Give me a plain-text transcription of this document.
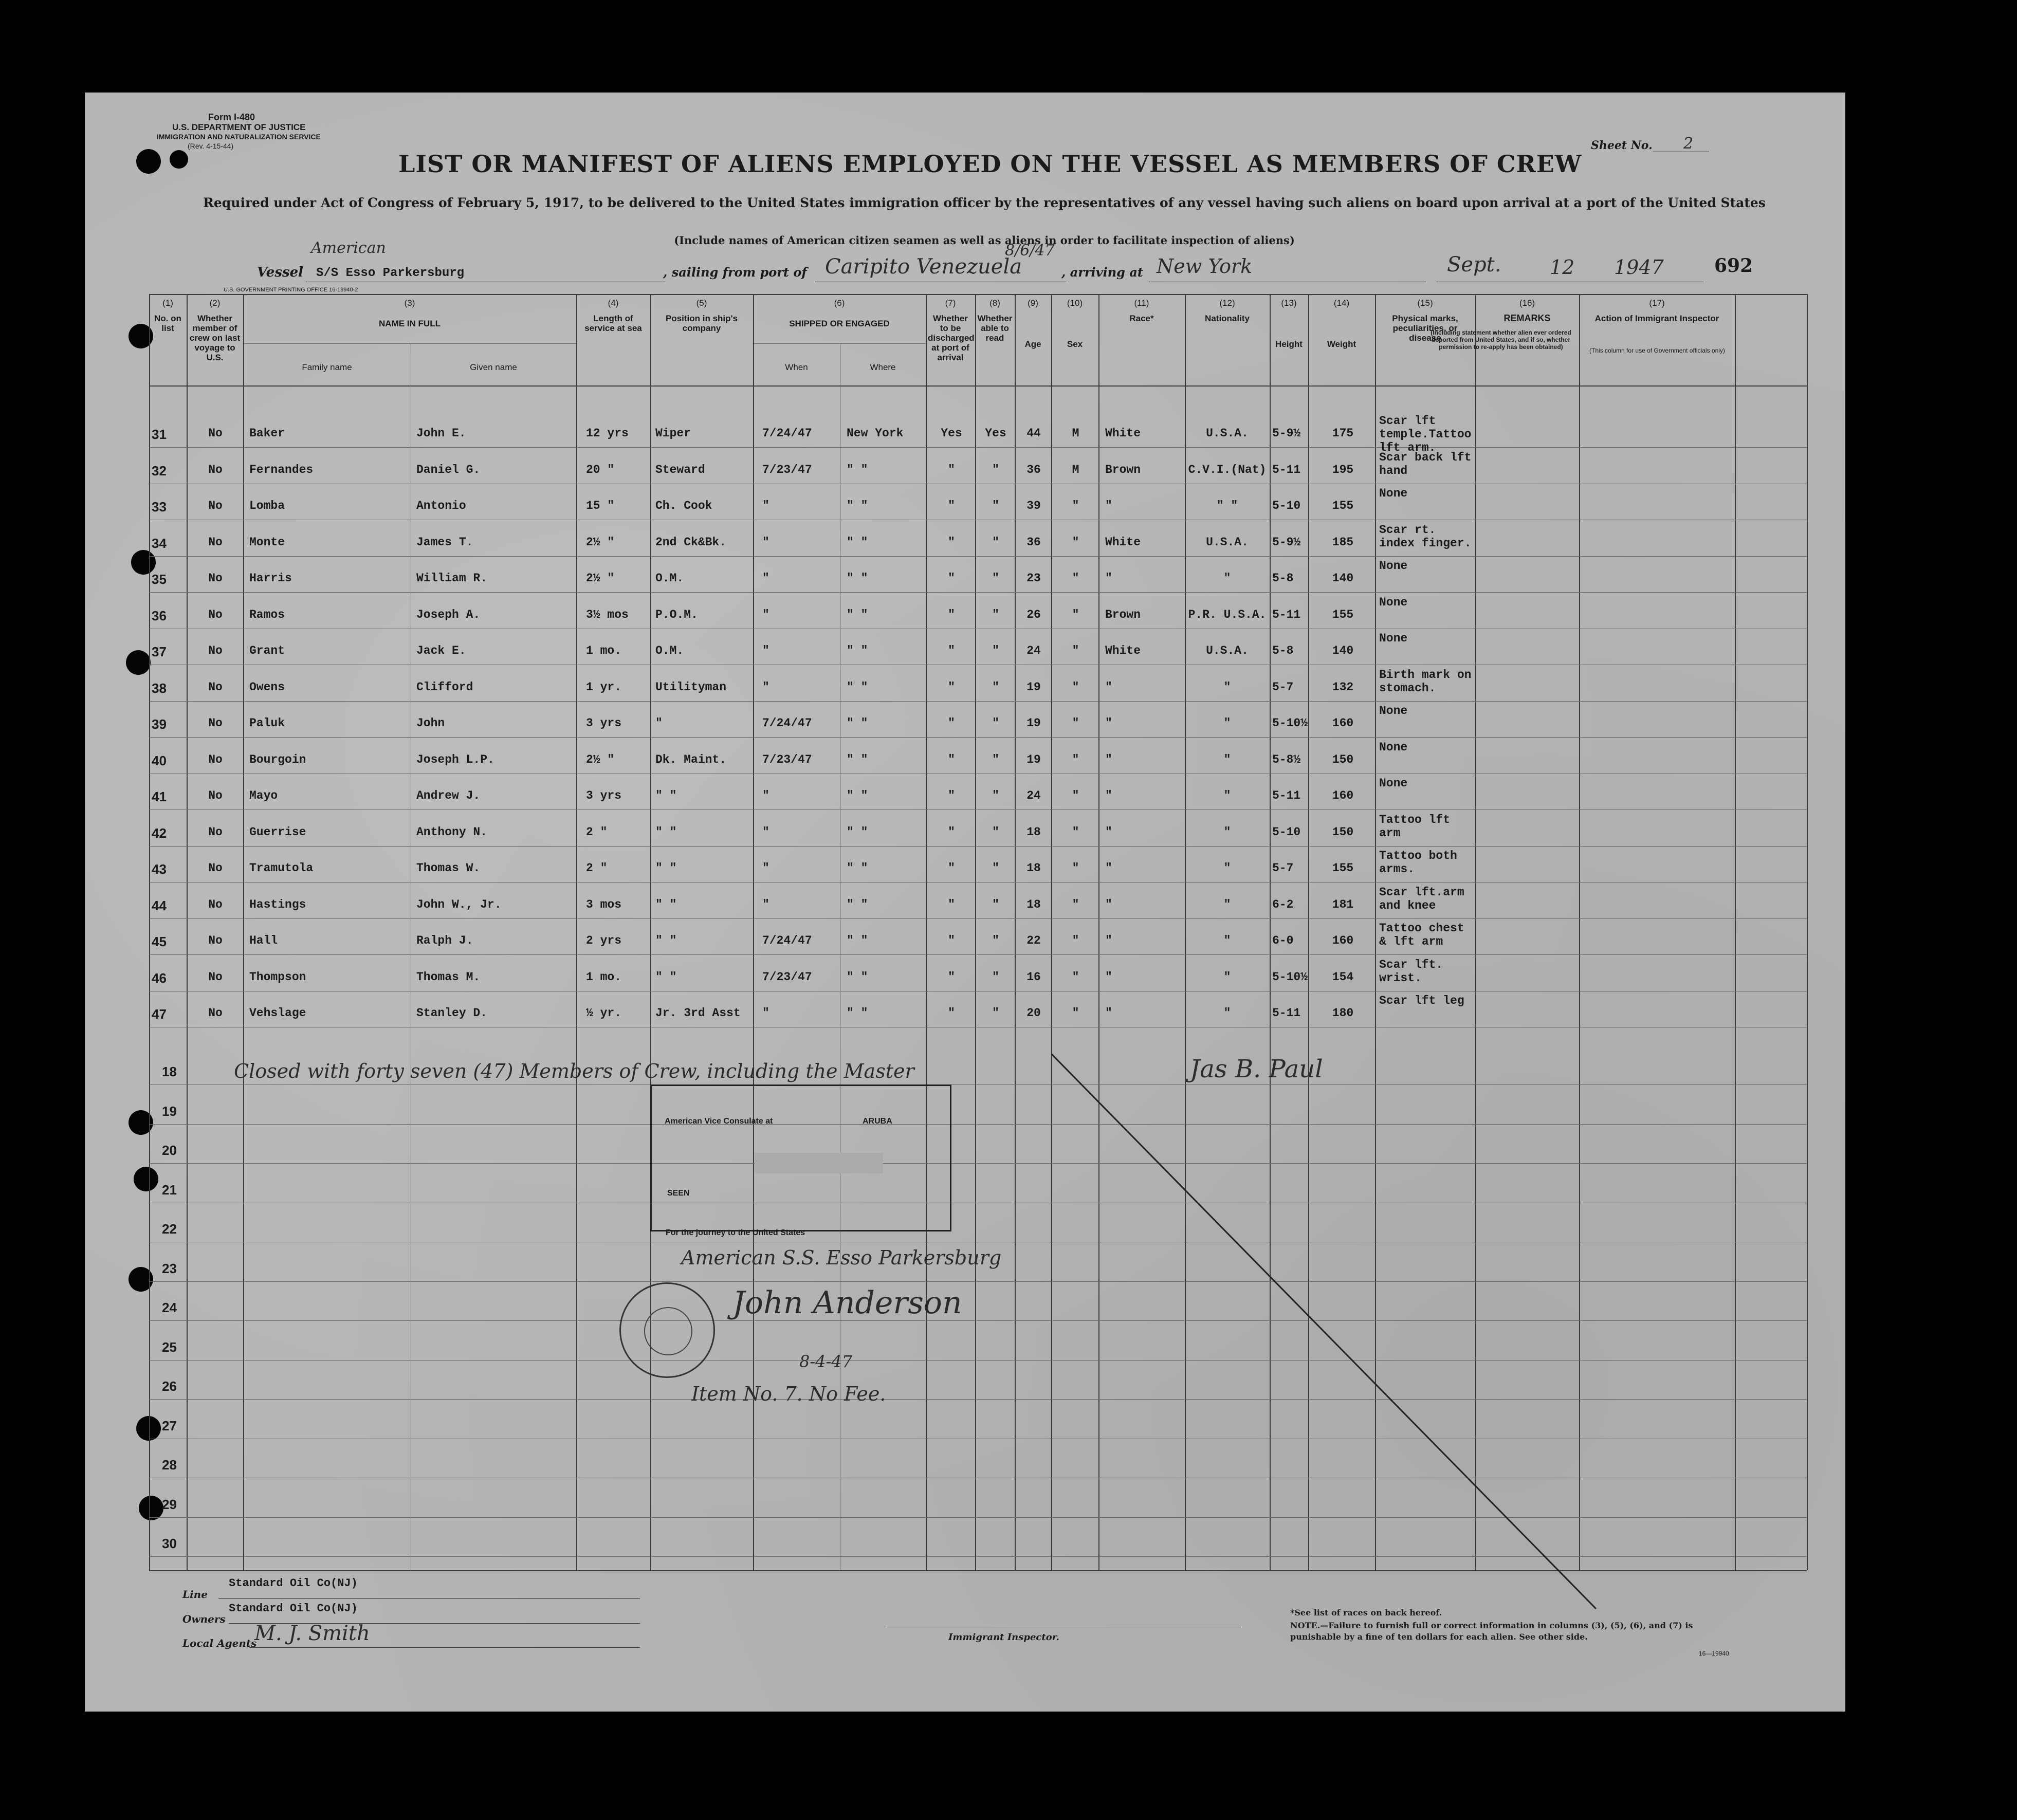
Form I-480
U.S. DEPARTMENT OF JUSTICE
IMMIGRATION AND NATURALIZATION SERVICE
(Rev. 4-15-44)	Sheet No. 2
LIST OR MANIFEST OF ALIENS EMPLOYED ON THE VESSEL AS MEMBERS OF CREW
Required under Act of Congress of February 5, 1917, to be delivered to the United States immigration officer by the representatives of any vessel having such aliens on board upon arrival at a port of the United States
(Include names of American citizen seamen as well as aliens in order to facilitate inspection of aliens)
Vessel
American
S/S Esso Parkersburg	, sailing from port of Caripito Venezuela
8/6/47
, arriving at New York	Sept. 12 1947	692
U.S. GOVERNMENT PRINTING OFFICE 16-19940-2
(1)
No. on list
(2)
Whether member of crew on last voyage to U.S.
(3)
NAME IN FULL
(4)
Length of service at sea
(5)
Position in ship's company
(6)
SHIPPED OR ENGAGED
(7)
Whether to be discharged at port of arrival
(8)
Whether able to read
(9)
Age
(10)
Sex
(11)
Race*
(12)
Nationality
(13)
Height
(14)
Weight
(15)
Physical marks, peculiarities, or disease
(16)
REMARKS
(17)
Action of Immigrant Inspector
Family name	Given name	When	Where
(Including statement whether alien ever ordered deported from United States, and if so, whether permission to re-apply has been obtained)	(This column for use of Government officials only)
31	No	Baker	John E.	12 yrs Wiper	7/24/47	New York	Yes	Yes	44	M	White	U.S.A.	5-9½	175
Scar lft temple.Tattoo lft arm.
32	No	Fernandes	Daniel G.	20 "	Steward	7/23/47	" "	"	"	36	M	Brown	C.V.I.(Nat) 5-11	195
Scar back lft hand
33	No	Lomba	Antonio	15 "	Ch. Cook	"	" "	"	"	39	"	"	" "	5-10	155
None
34	No	Monte	James T.	2½ "	2nd Ck&Bk.	"	" "	"	"	36	"	White	U.S.A.	5-9½	185
Scar rt. index finger.
35	No	Harris	William R.	2½ "	O.M.	"	" "	"	"	23	"	"	"	5-8	140
None
36	No	Ramos	Joseph A.	3½ mos P.O.M.	"	" "	"	"	26	"	Brown	P.R. U.S.A. 5-11	155
None
37	No	Grant	Jack E.	1 mo.	O.M.	"	" "	"	"	24	"	White	U.S.A.	5-8	140
None
38	No	Owens	Clifford	1 yr.	Utilityman	"	" "	"	"	19	"	"	"	5-7	132
Birth mark on stomach.
39	No	Paluk	John	3 yrs	"	7/24/47	" "	"	"	19	"	"	"	5-10½	160
None
40	No	Bourgoin	Joseph L.P.	2½ "	Dk. Maint.	7/23/47	" "	"	"	19	"	"	"	5-8½	150
None
41	No	Mayo	Andrew J.	3 yrs	" "	"	" "	"	"	24	"	"	"	5-11	160
None
42	No	Guerrise	Anthony N.	2 "	" "	"	" "	"	"	18	"	"	"	5-10	150
Tattoo lft arm
43	No	Tramutola	Thomas W.	2 "	" "	"	" "	"	"	18	"	"	"	5-7	155
Tattoo both arms.
44	No	Hastings	John W., Jr.	3 mos	" "	"	" "	"	"	18	"	"	"	6-2	181
Scar lft.arm and knee
45	No	Hall	Ralph J.	2 yrs	" "	7/24/47	" "	"	"	22	"	"	"	6-0	160
Tattoo chest & lft arm
46	No	Thompson	Thomas M.	1 mo.	" "	7/23/47	" "	"	"	16	"	"	"	5-10½	154
Scar lft. wrist.
47	No	Vehslage	Stanley D.	½ yr.	Jr. 3rd Asst "	" "	"	"	20	"	"	"	5-11	180
Scar lft leg
18
19
20
21
22
23
24
25
26
27
28
29
30
Closed with forty seven (47) Members of Crew, including the Master	Jas B. Paul
American Vice Consulate at	ARUBA
SEEN
For the journey to the United States
American S.S. Esso Parkersburg
John Anderson
8-4-47
Item No. 7. No Fee.
Line
Standard Oil Co(NJ)
Owners
Standard Oil Co(NJ)
Local Agents
M. J. Smith	Immigrant Inspector.
*See list of races on back hereof.
NOTE.—Failure to furnish full or correct information in columns (3), (5), (6), and (7) is punishable by a fine of ten dollars for each alien. See other side.
16—19940
